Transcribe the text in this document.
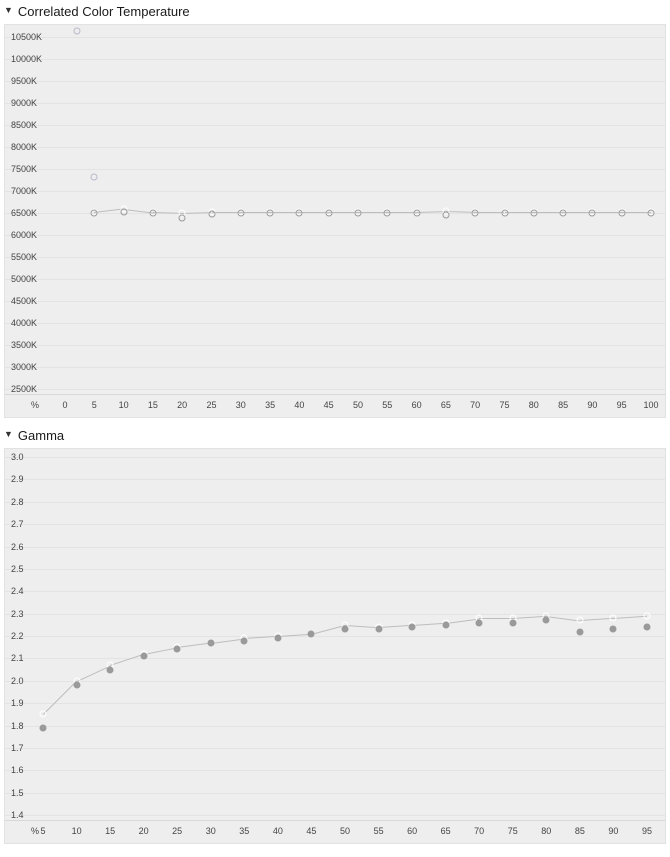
▼ Correlated Color Temperature
2500K
3000K
3500K
4000K
4500K
5000K
5500K
6000K
6500K
7000K
7500K
8000K
8500K
9000K
9500K
10000K
10500K
%	0	5 10 15 20 25 30 35 40 45 50 55 60 65 70 75 80 85 90 95 100
▼ Gamma
1.4
1.5
1.6
1.7
1.8
1.9
2.0
2.1
2.2
2.3
2.4
2.5
2.6
2.7
2.8
2.9
3.0
% 5	10	15	20	25	30	35	40	45	50	55	60	65	70	75	80	85	90	95
